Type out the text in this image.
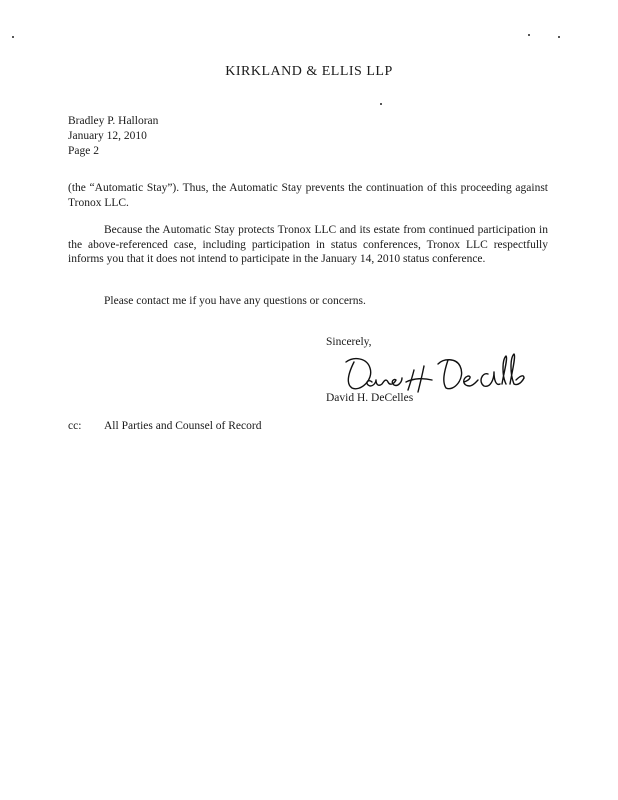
KIRKLAND & ELLIS LLP
Bradley P. Halloran
January 12, 2010
Page 2
(the “Automatic Stay”). Thus, the Automatic Stay prevents the continuation of this proceeding against Tronox LLC.
Because the Automatic Stay protects Tronox LLC and its estate from continued participation in the above-referenced case, including participation in status conferences, Tronox LLC respectfully informs you that it does not intend to participate in the January 14, 2010 status conference.
Please contact me if you have any questions or concerns.
Sincerely,
David H. DeCelles
cc: All Parties and Counsel of Record
